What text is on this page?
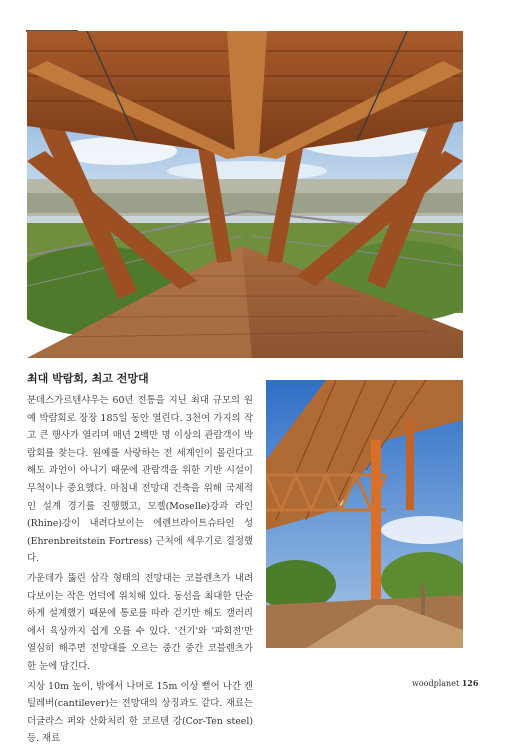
최대 박람회, 최고 전망대

분데스가르텐샤우는 60년 전통을 지닌 최대 규모의 원예 박람회로 장장 185일 동안 열린다. 3천여 가지의 작고 큰 행사가 열리며 매년 2백만 명 이상의 관람객이 박람회를 찾는다. 원예를 사랑하는 전 세계인이 몰린다고 해도 과언이 아니기 때문에 관람객을 위한 기반 시설이 무척이나 중요했다. 마침내 전망대 건축을 위해 국제적인 설계 경기를 진행했고, 모젤(Moselle)강과 라인(Rhine)강이 내려다보이는 에렌브라이트슈타인 성(Ehrenbreitstein Fortress) 근처에 세우기로 결정했다.

가운데가 뚫린 삼각 형태의 전망대는 코블렌츠가 내려다보이는 작은 언덕에 위치해 있다. 동선을 최대한 단순하게 설계했기 때문에 통로를 따라 걷기만 해도 갤러리에서 육상까지 쉽게 오를 수 있다. '건기'와 '파회전'만 열심히 해주면 전망대를 오르는 중간 중간 코블렌츠가 한 눈에 담긴다.

지상 10m 높이, 밖에서 나머로 15m 이상 뻗어 나간 캔틸레버(cantilever)는 전망대의 상징과도 같다. 재료는 더글라스 퍼와 산화처리 한 코르텐 강(Cor-Ten steel) 등. 재료

woodplanet 126
